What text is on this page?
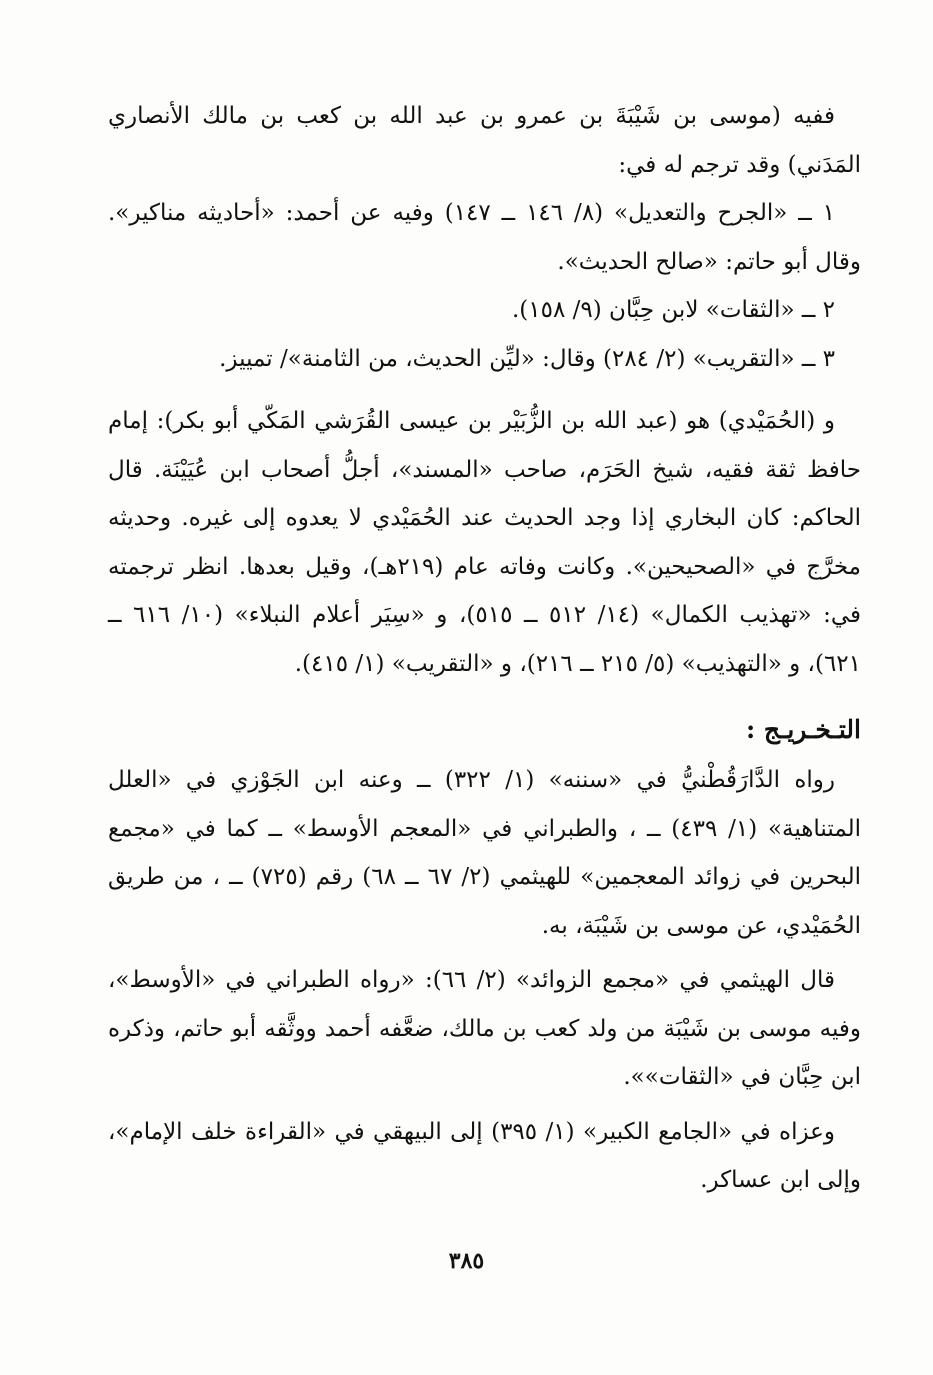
ففيه (موسى بن شَيْبَةَ بن عمرو بن عبد الله بن كعب بن مالك الأنصاري المَدَني) وقد ترجم له في:

١ ــ «الجرح والتعديل» (٨/ ١٤٦ ــ ١٤٧) وفيه عن أحمد: «أحاديثه مناكير». وقال أبو حاتم: «صالح الحديث».

٢ ــ «الثقات» لابن حِبَّان (٩/ ١٥٨).

٣ ــ «التقريب» (٢/ ٢٨٤) وقال: «ليِّن الحديث، من الثامنة»/ تمييز.

و (الحُمَيْدي) هو (عبد الله بن الزُّبَيْر بن عيسى القُرَشي المَكّي أبو بكر): إمام حافظ ثقة فقيه، شيخ الحَرَم، صاحب «المسند»، أجلُّ أصحاب ابن عُيَيْنَة. قال الحاكم: كان البخاري إذا وجد الحديث عند الحُمَيْدي لا يعدوه إلى غيره. وحديثه مخرَّج في «الصحيحين». وكانت وفاته عام (٢١٩هـ)، وقيل بعدها. انظر ترجمته في: «تهذيب الكمال» (١٤/ ٥١٢ ــ ٥١٥)، و «سِيَر أعلام النبلاء» (١٠/ ٦١٦ ــ ٦٢١)، و «التهذيب» (٥/ ٢١٥ ــ ٢١٦)، و «التقريب» (١/ ٤١٥).

التـخـريـج :

رواه الدَّارَقُطْنيُّ في «سننه» (١/ ٣٢٢) ــ وعنه ابن الجَوْزي في «العلل المتناهية» (١/ ٤٣٩) ــ ، والطبراني في «المعجم الأوسط» ــ كما في «مجمع البحرين في زوائد المعجمين» للهيثمي (٢/ ٦٧ ــ ٦٨) رقم (٧٢٥) ــ ، من طريق الحُمَيْدي، عن موسى بن شَيْبَة، به.

قال الهيثمي في «مجمع الزوائد» (٢/ ٦٦): «رواه الطبراني في «الأوسط»، وفيه موسى بن شَيْبَة من ولد كعب بن مالك، ضعَّفه أحمد ووثَّقه أبو حاتم، وذكره ابن حِبَّان في «الثقات»».

وعزاه في «الجامع الكبير» (١/ ٣٩٥) إلى البيهقي في «القراءة خلف الإمام»، وإلى ابن عساكر.

٣٨٥
